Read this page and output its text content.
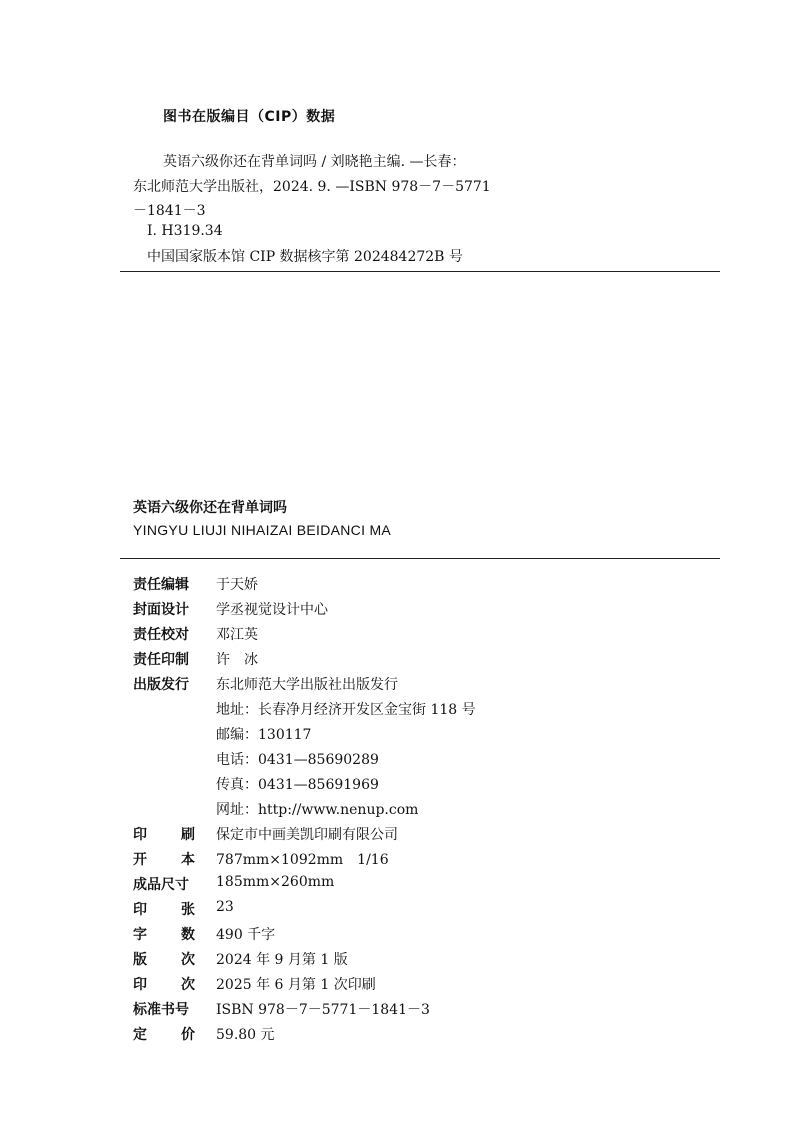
图书在版编目（CIP）数据
英语六级你还在背单词吗 / 刘晓艳主编. —长春：
东北师范大学出版社，2024. 9. —ISBN 978－7－5771
－1841－3
Ⅰ. H319.34
中国国家版本馆 CIP 数据核字第 202484272B 号
英语六级你还在背单词吗
YINGYU LIUJI NIHAIZAI BEIDANCI MA
责任编辑 于天娇
封面设计 学丞视觉设计中心
责任校对 邓江英
责任印制 许　冰
出版发行 东北师范大学出版社出版发行
地址：长春净月经济开发区金宝街 118 号
邮编：130117
电话：0431—85690289
传真：0431—85691969
网址：http://www.nenup.com
印 刷 保定市中画美凯印刷有限公司
开 本 787mm×1092mm　1/16
成品尺寸 185mm×260mm
印 张 23
字 数 490 千字
版 次 2024 年 9 月第 1 版
印 次 2025 年 6 月第 1 次印刷
标准书号 ISBN 978－7－5771－1841－3
定 价 59.80 元
